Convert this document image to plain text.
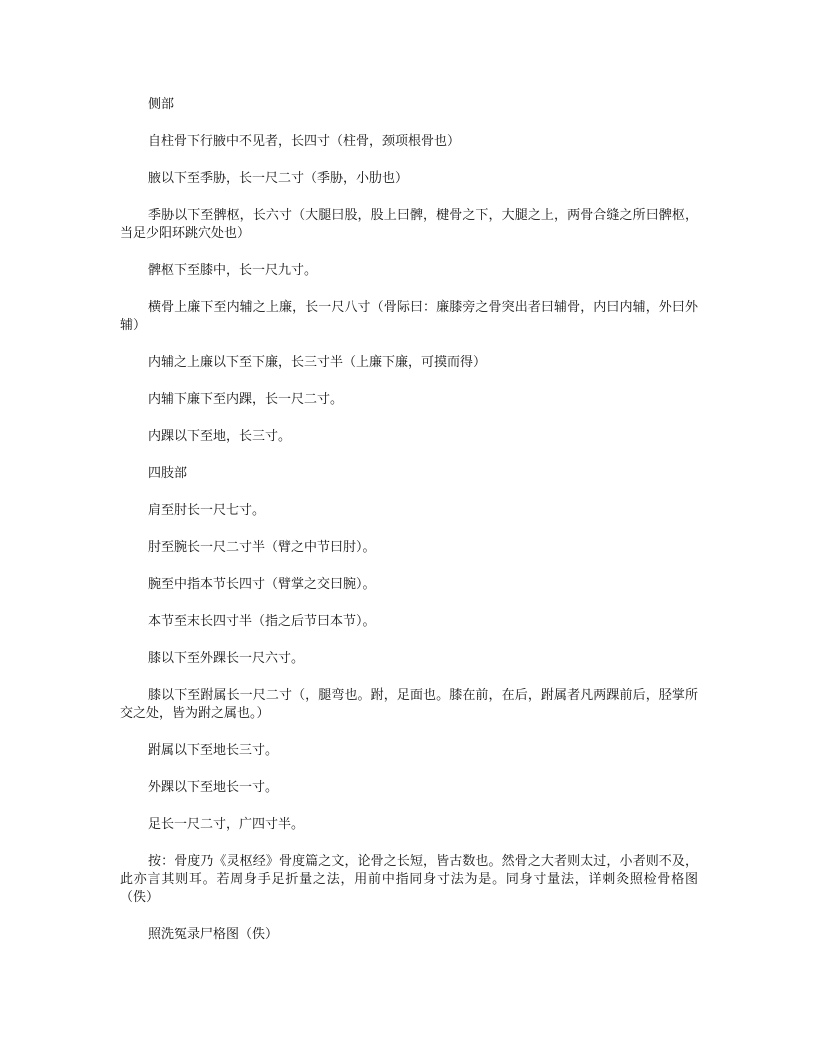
侧部

自柱骨下行腋中不见者，长四寸（柱骨，颈项根骨也）

腋以下至季胁，长一尺二寸（季胁，小肋也）

季胁以下至髀枢，长六寸（大腿曰股，股上曰髀，楗骨之下，大腿之上，两骨合缝之所曰髀枢，当足少阳环跳穴处也）

髀枢下至膝中，长一尺九寸。

横骨上廉下至内辅之上廉，长一尺八寸（骨际曰：廉膝旁之骨突出者曰辅骨，内曰内辅，外曰外辅）

内辅之上廉以下至下廉，长三寸半（上廉下廉，可摸而得）

内辅下廉下至内踝，长一尺二寸。

内踝以下至地，长三寸。

四肢部

肩至肘长一尺七寸。

肘至腕长一尺二寸半（臂之中节曰肘）。

腕至中指本节长四寸（臂掌之交曰腕）。

本节至末长四寸半（指之后节曰本节）。

膝以下至外踝长一尺六寸。

膝以下至跗属长一尺二寸（，腿弯也。跗，足面也。膝在前，在后，跗属者凡两踝前后，胫掌所交之处，皆为跗之属也。）

跗属以下至地长三寸。

外踝以下至地长一寸。

足长一尺二寸，广四寸半。

按：骨度乃《灵枢经》骨度篇之文，论骨之长短，皆古数也。然骨之大者则太过，小者则不及，此亦言其则耳。若周身手足折量之法，用前中指同身寸法为是。同身寸量法，详刺灸照检骨格图（佚）

照洗冤录尸格图（佚）
